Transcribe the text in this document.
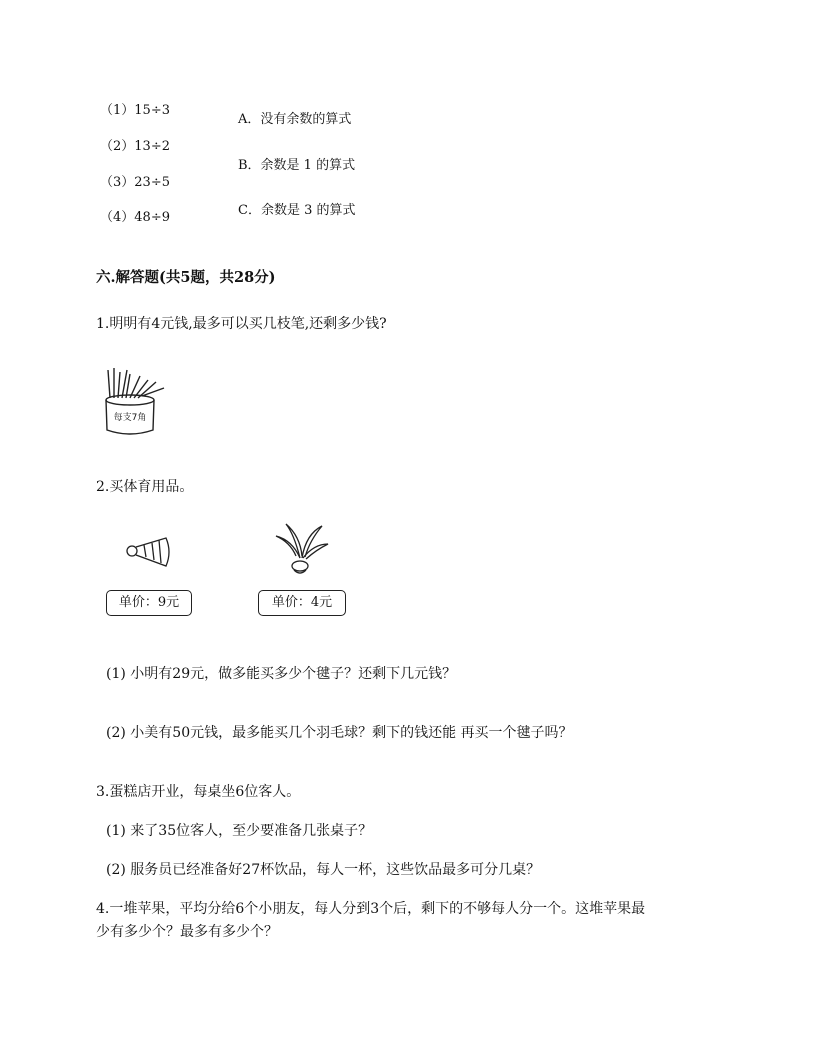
（1）15÷3
（2）13÷2
（3）23÷5
（4）48÷9
A．没有余数的算式
B．余数是 1 的算式
C．余数是 3 的算式
六.解答题(共5题，共28分)
1.明明有4元钱,最多可以买几枝笔,还剩多少钱?
每支7角
2.买体育用品。
单价：9元	单价：4元
(1) 小明有29元，做多能买多少个毽子？还剩下几元钱？
(2) 小美有50元钱，最多能买几个羽毛球？剩下的钱还能 再买一个毽子吗？
3.蛋糕店开业，每桌坐6位客人。
(1) 来了35位客人，至少要准备几张桌子？
(2) 服务员已经准备好27杯饮品，每人一杯，这些饮品最多可分几桌？
4.一堆苹果，平均分给6个小朋友，每人分到3个后，剩下的不够每人分一个。这堆苹果最
少有多少个？最多有多少个？
